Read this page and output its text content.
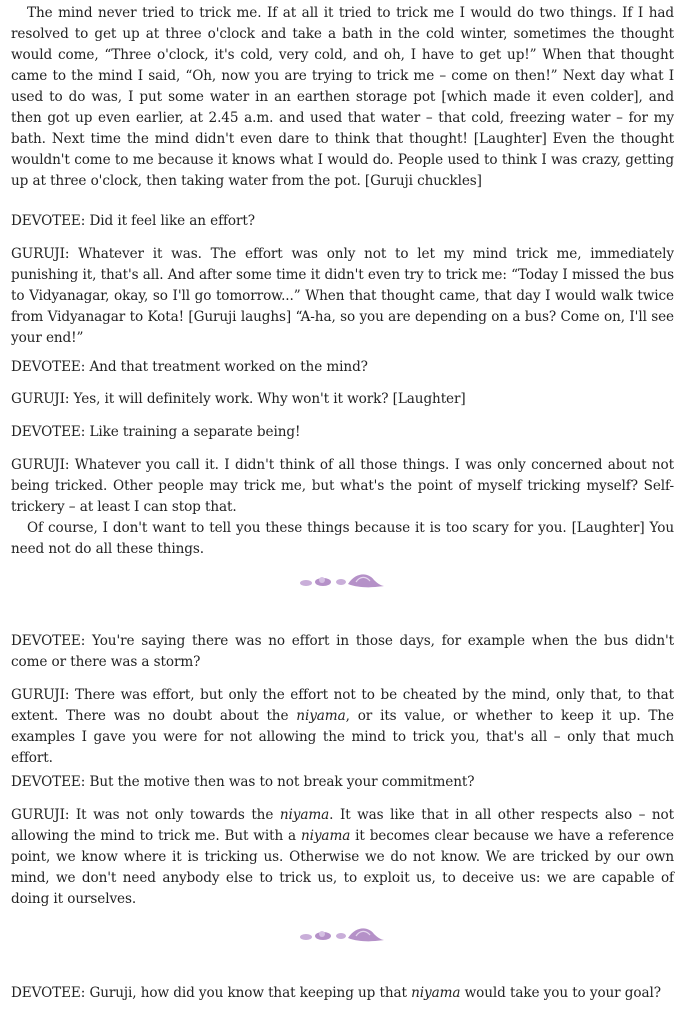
The mind never tried to trick me. If at all it tried to trick me I would do two things. If I had resolved to get up at three o'clock and take a bath in the cold winter, sometimes the thought would come, “Three o'clock, it's cold, very cold, and oh, I have to get up!” When that thought came to the mind I said, “Oh, now you are trying to trick me – come on then!” Next day what I used to do was, I put some water in an earthen storage pot [which made it even colder], and then got up even earlier, at 2.45 a.m. and used that water – that cold, freezing water – for my bath. Next time the mind didn't even dare to think that thought! [Laughter] Even the thought wouldn't come to me because it knows what I would do. People used to think I was crazy, getting up at three o'clock, then taking water from the pot. [Guruji chuckles]

DEVOTEE: Did it feel like an effort?

GURUJI: Whatever it was. The effort was only not to let my mind trick me, immediately punishing it, that's all. And after some time it didn't even try to trick me: “Today I missed the bus to Vidyanagar, okay, so I'll go tomorrow...” When that thought came, that day I would walk twice from Vidyanagar to Kota! [Guruji laughs] “A-ha, so you are depending on a bus? Come on, I'll see your end!”

DEVOTEE: And that treatment worked on the mind?

GURUJI: Yes, it will definitely work. Why won't it work? [Laughter]

DEVOTEE: Like training a separate being!

GURUJI: Whatever you call it. I didn't think of all those things. I was only concerned about not being tricked. Other people may trick me, but what's the point of myself tricking myself? Self-trickery – at least I can stop that.

Of course, I don't want to tell you these things because it is too scary for you. [Laughter] You need not do all these things.

DEVOTEE: You're saying there was no effort in those days, for example when the bus didn't come or there was a storm?

GURUJI: There was effort, but only the effort not to be cheated by the mind, only that, to that extent. There was no doubt about the niyama, or its value, or whether to keep it up. The examples I gave you were for not allowing the mind to trick you, that's all – only that much effort.

DEVOTEE: But the motive then was to not break your commitment?

GURUJI: It was not only towards the niyama. It was like that in all other respects also – not allowing the mind to trick me. But with a niyama it becomes clear because we have a reference point, we know where it is tricking us. Otherwise we do not know. We are tricked by our own mind, we don't need anybody else to trick us, to exploit us, to deceive us: we are capable of doing it ourselves.

DEVOTEE: Guruji, how did you know that keeping up that niyama would take you to your goal?
